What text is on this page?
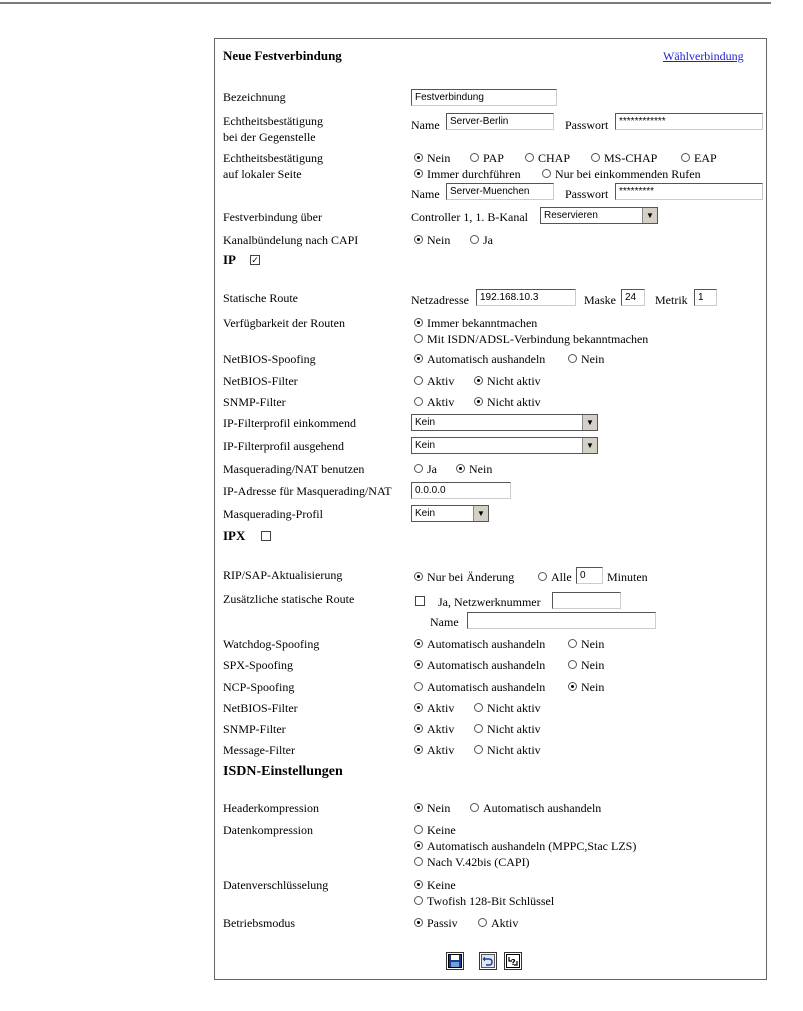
Neue Festverbindung	Wählverbindung
Bezeichnung	Festverbindung
Echtheitsbestätigung
bei der Gegenstelle
Name	Server-Berlin	Passwort	************
Echtheitsbestätigung
auf lokaler Seite
Nein	PAP	CHAP	MS-CHAP	EAP
Immer durchführen	Nur bei einkommenden Rufen
Name	Server-Muenchen	Passwort	*********
Festverbindung über	Controller 1, 1. B-Kanal	Reservieren	▼
Kanalbündelung nach CAPI	Nein	Ja
IP ✓
Statische Route	Netzadresse	192.168.10.3	Maske 24	Metrik	1
Verfügbarkeit der Routen	Immer bekanntmachen
Mit ISDN/ADSL-Verbindung bekanntmachen
NetBIOS-Spoofing	Automatisch aushandeln	Nein
NetBIOS-Filter	Aktiv	Nicht aktiv
SNMP-Filter	Aktiv	Nicht aktiv
IP-Filterprofil einkommend	Kein	▼
IP-Filterprofil ausgehend	Kein	▼
Masquerading/NAT benutzen	Ja	Nein
IP-Adresse für Masquerading/NAT	0.0.0.0
Masquerading-Profil	Kein	▼
IPX
RIP/SAP-Aktualisierung	Nur bei Änderung	Alle 0	Minuten
Zusätzliche statische Route	Ja, Netzwerknummer
Name
Watchdog-Spoofing	Automatisch aushandeln	Nein
SPX-Spoofing	Automatisch aushandeln	Nein
NCP-Spoofing	Automatisch aushandeln	Nein
NetBIOS-Filter	Aktiv	Nicht aktiv
SNMP-Filter	Aktiv	Nicht aktiv
Message-Filter	Aktiv	Nicht aktiv
ISDN-Einstellungen
Headerkompression	Nein	Automatisch aushandeln
Datenkompression	Keine
Automatisch aushandeln (MPPC,Stac LZS)
Nach V.42bis (CAPI)
Datenverschlüsselung	Keine
Twofish 128-Bit Schlüssel
Betriebsmodus	Passiv	Aktiv
?
